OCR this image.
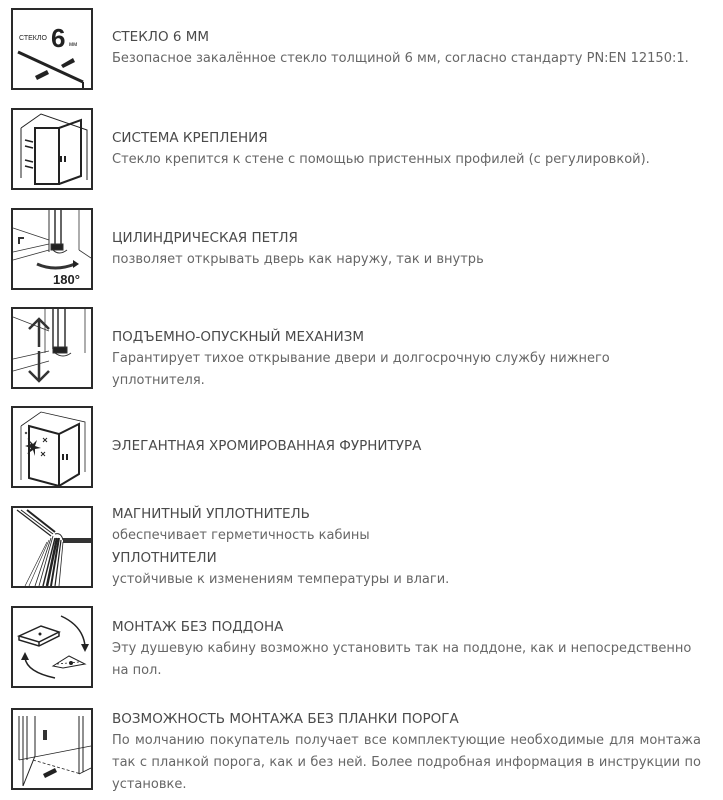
СТЕКЛО 6 мм	СТЕКЛО 6 ММ
Безопасное закалённое стекло толщиной 6 мм, согласно стандарту PN:EN 12150:1.
СИСТЕМА КРЕПЛЕНИЯ
Стекло крепится к стене с помощью пристенных профилей (с регулировкой).
180°
ЦИЛИНДРИЧЕСКАЯ ПЕТЛЯ
позволяет открывать дверь как наружу, так и внутрь
ПОДЪЕМНО-ОПУСКНЫЙ МЕХАНИЗМ
Гарантирует тихое открывание двери и долгосрочную службу нижнего уплотнителя.
ЭЛЕГАНТНАЯ ХРОМИРОВАННАЯ ФУРНИТУРА
МАГНИТНЫЙ УПЛОТНИТЕЛЬ
обеспечивает герметичность кабины
УПЛОТНИТЕЛИ
устойчивые к изменениям температуры и влаги.
МОНТАЖ БЕЗ ПОДДОНА
Эту душевую кабину возможно установить так на поддоне, как и непосредственно на пол.
ВОЗМОЖНОСТЬ МОНТАЖА БЕЗ ПЛАНКИ ПОРОГА
По молчанию покупатель получает все комплектующие необходимые для монтажа так с планкой порога, как и без ней. Более подробная информация в инструкции по установке.
